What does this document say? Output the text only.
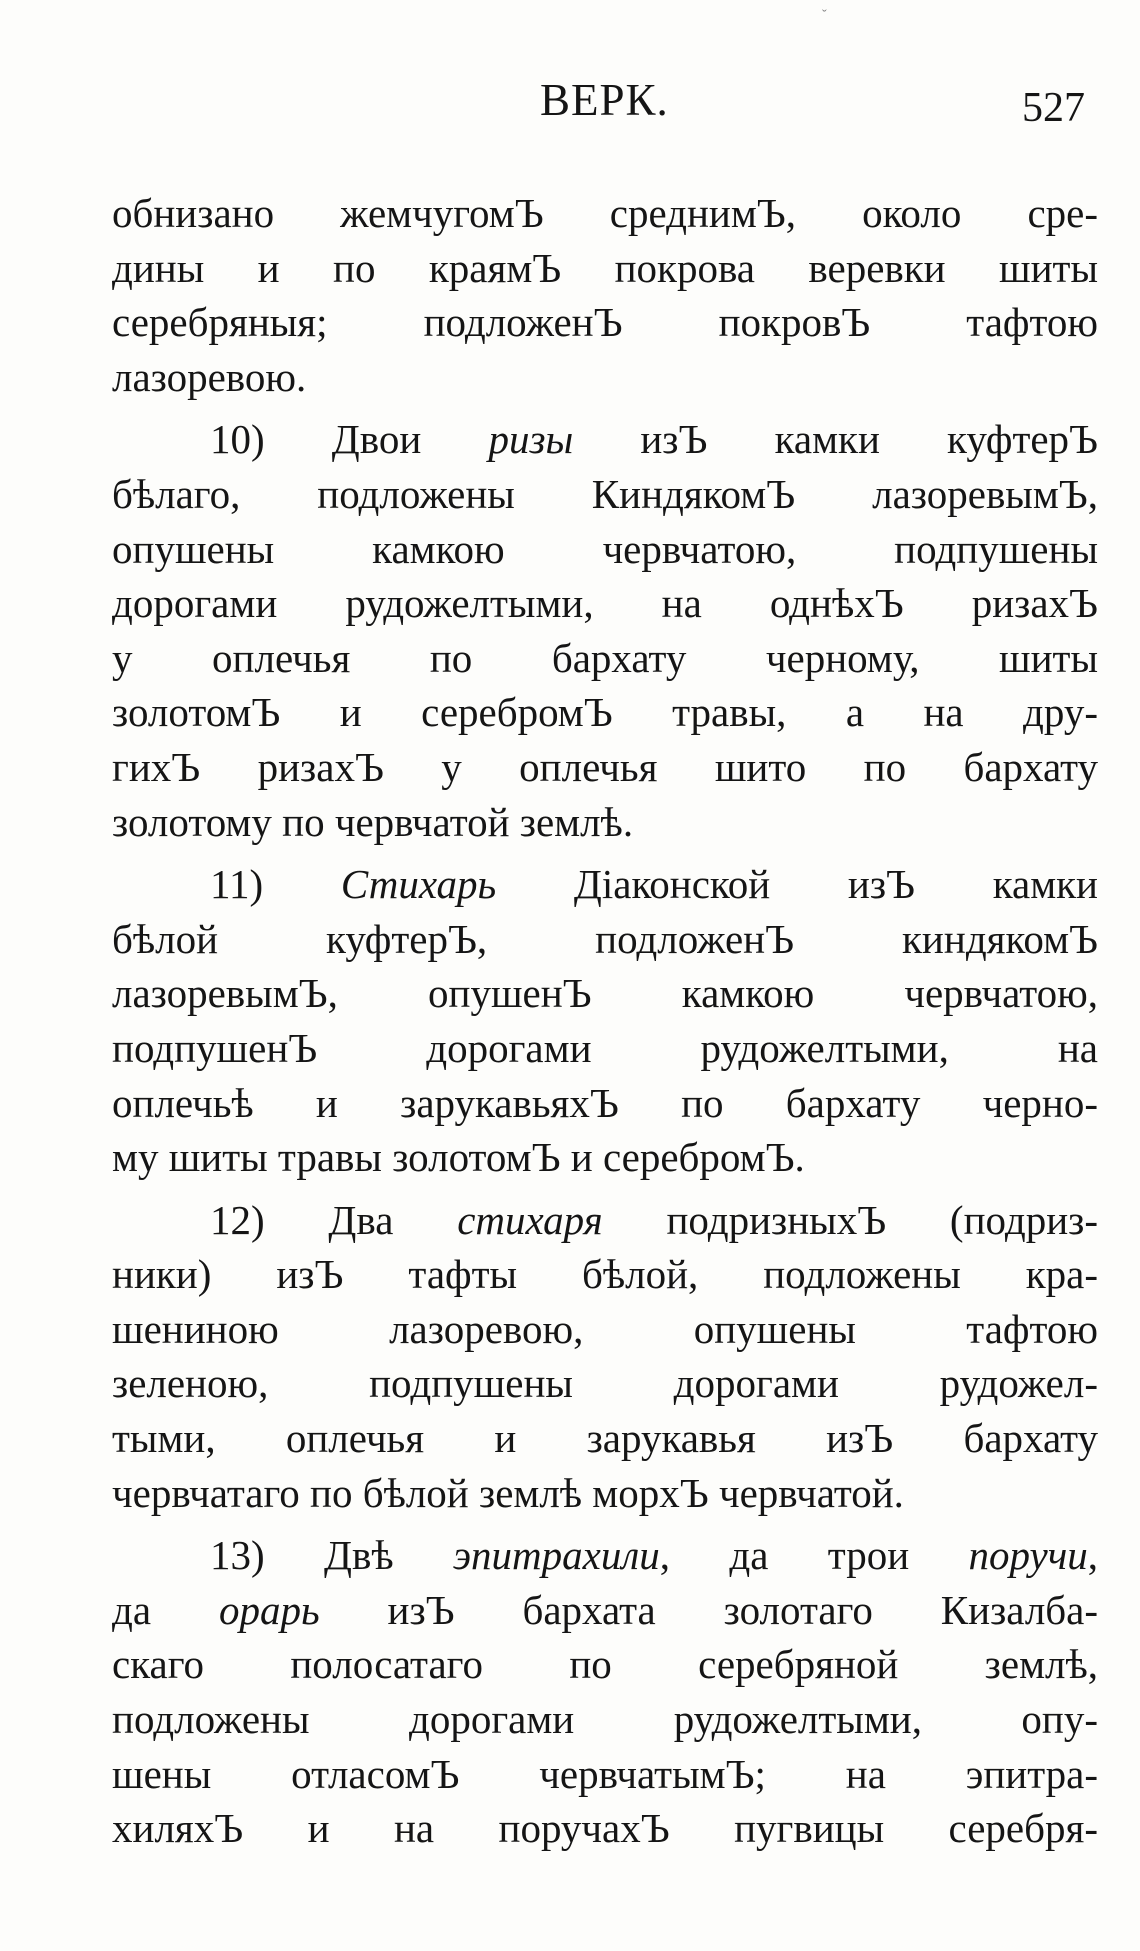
ˇ
ВЕРК.	527
обнизано жемчугомЪ среднимЪ, около сре-
дины и по краямЪ покрова веревки шиты
серебряныя; подложенЪ покровЪ тафтою
лазоревою.
10) Двои ризы изЪ камки куфтерЪ
бѣлаго, подложены КиндякомЪ лазоревымЪ,
опушены камкою червчатою, подпушены
дорогами рудожелтыми, на однѣхЪ ризахЪ
у оплечья по бархату черному, шиты
золотомЪ и серебромЪ травы, а на дру-
гихЪ ризахЪ у оплечья шито по бархату
золотому по червчатой землѣ.
11) Стихарь Діаконской изЪ камки
бѣлой куфтерЪ, подложенЪ киндякомЪ
лазоревымЪ, опушенЪ камкою червчатою,
подпушенЪ дорогами рудожелтыми, на
оплечьѣ и зарукавьяхЪ по бархату черно-
му шиты травы золотомЪ и серебромЪ.
12) Два стихаря подризныхЪ (подриз-
ники) изЪ тафты бѣлой, подложены кра-
шениною лазоревою, опушены тафтою
зеленою, подпушены дорогами рудожел-
тыми, оплечья и зарукавья изЪ бархату
червчатаго по бѣлой землѣ морхЪ червчатой.
13) Двѣ эпитрахили, да трои поручи,
да орарь изЪ бархата золотаго Кизалба-
скаго полосатаго по серебряной землѣ,
подложены дорогами рудожелтыми, опу-
шены отласомЪ червчатымЪ; на эпитра-
хиляхЪ и на поручахЪ пугвицы серебря-
